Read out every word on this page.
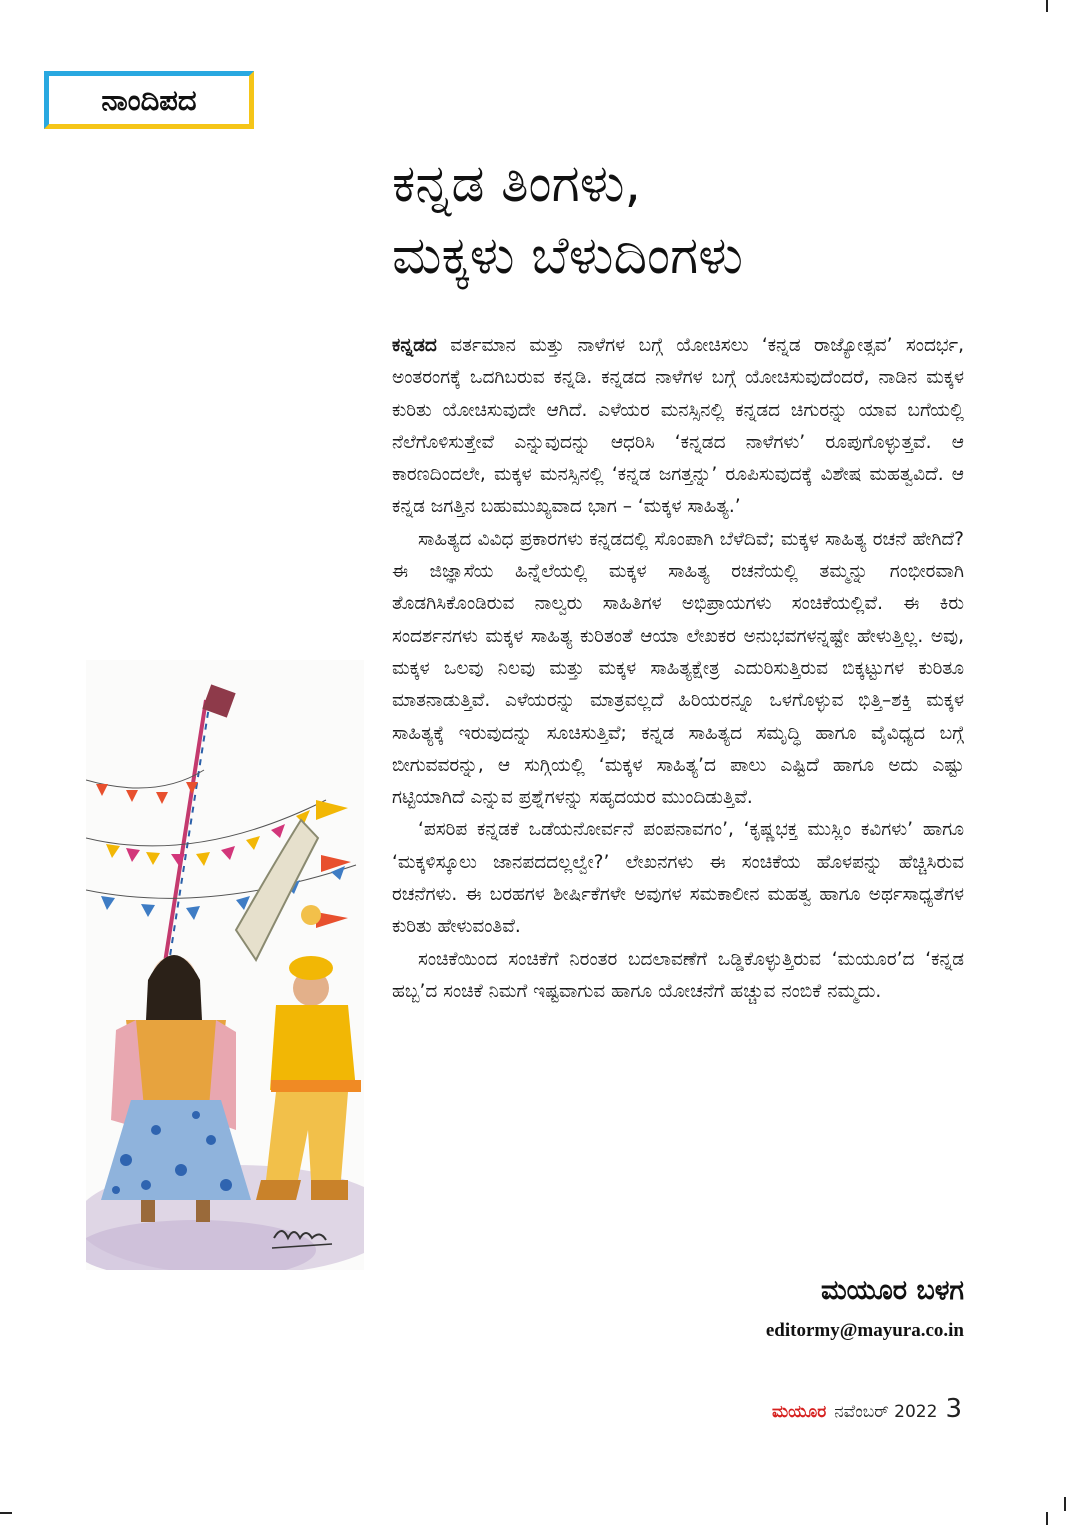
ನಾಂದಿಪದ
ಕನ್ನಡ ತಿಂಗಳು,
ಮಕ್ಕಳು ಬೆಳುದಿಂಗಳು

ಕನ್ನಡದ ವರ್ತಮಾನ ಮತ್ತು ನಾಳೆಗಳ ಬಗ್ಗೆ ಯೋಚಿಸಲು ‘ಕನ್ನಡ ರಾಜ್ಯೋತ್ಸವ’ ಸಂದರ್ಭ, ಅಂತರಂಗಕ್ಕೆ ಒದಗಿಬರುವ ಕನ್ನಡಿ. ಕನ್ನಡದ ನಾಳೆಗಳ ಬಗ್ಗೆ ಯೋಚಿಸುವುದೆಂದರೆ, ನಾಡಿನ ಮಕ್ಕಳ ಕುರಿತು ಯೋಚಿಸುವುದೇ ಆಗಿದೆ. ಎಳೆಯರ ಮನಸ್ಸಿನಲ್ಲಿ ಕನ್ನಡದ ಚಿಗುರನ್ನು ಯಾವ ಬಗೆಯಲ್ಲಿ ನೆಲೆಗೊಳಿಸುತ್ತೇವೆ ಎನ್ನುವುದನ್ನು ಆಧರಿಸಿ ‘ಕನ್ನಡದ ನಾಳೆಗಳು’ ರೂಪುಗೊಳ್ಳುತ್ತವೆ. ಆ ಕಾರಣದಿಂದಲೇ, ಮಕ್ಕಳ ಮನಸ್ಸಿನಲ್ಲಿ ‘ಕನ್ನಡ ಜಗತ್ತನ್ನು’ ರೂಪಿಸುವುದಕ್ಕೆ ವಿಶೇಷ ಮಹತ್ವವಿದೆ. ಆ ಕನ್ನಡ ಜಗತ್ತಿನ ಬಹುಮುಖ್ಯವಾದ ಭಾಗ – ‘ಮಕ್ಕಳ ಸಾಹಿತ್ಯ.’

ಸಾಹಿತ್ಯದ ವಿವಿಧ ಪ್ರಕಾರಗಳು ಕನ್ನಡದಲ್ಲಿ ಸೊಂಪಾಗಿ ಬೆಳೆದಿವೆ; ಮಕ್ಕಳ ಸಾಹಿತ್ಯ ರಚನೆ ಹೇಗಿದೆ? ಈ ಜಿಜ್ಞಾಸೆಯ ಹಿನ್ನೆಲೆಯಲ್ಲಿ ಮಕ್ಕಳ ಸಾಹಿತ್ಯ ರಚನೆಯಲ್ಲಿ ತಮ್ಮನ್ನು ಗಂಭೀರವಾಗಿ ತೊಡಗಿಸಿಕೊಂಡಿರುವ ನಾಲ್ವರು ಸಾಹಿತಿಗಳ ಅಭಿಪ್ರಾಯಗಳು ಸಂಚಿಕೆಯಲ್ಲಿವೆ. ಈ ಕಿರು ಸಂದರ್ಶನಗಳು ಮಕ್ಕಳ ಸಾಹಿತ್ಯ ಕುರಿತಂತೆ ಆಯಾ ಲೇಖಕರ ಅನುಭವಗಳನ್ನಷ್ಟೇ ಹೇಳುತ್ತಿಲ್ಲ. ಅವು, ಮಕ್ಕಳ ಒಲವು ನಿಲವು ಮತ್ತು ಮಕ್ಕಳ ಸಾಹಿತ್ಯಕ್ಷೇತ್ರ ಎದುರಿಸುತ್ತಿರುವ ಬಿಕ್ಕಟ್ಟುಗಳ ಕುರಿತೂ ಮಾತನಾಡುತ್ತಿವೆ. ಎಳೆಯರನ್ನು ಮಾತ್ರವಲ್ಲದೆ ಹಿರಿಯರನ್ನೂ ಒಳಗೊಳ್ಳುವ ಭಿತ್ತಿ–ಶಕ್ತಿ ಮಕ್ಕಳ ಸಾಹಿತ್ಯಕ್ಕೆ ಇರುವುದನ್ನು ಸೂಚಿಸುತ್ತಿವೆ; ಕನ್ನಡ ಸಾಹಿತ್ಯದ ಸಮೃದ್ಧಿ ಹಾಗೂ ವೈವಿಧ್ಯದ ಬಗ್ಗೆ ಬೀಗುವವರನ್ನು, ಆ ಸುಗ್ಗಿಯಲ್ಲಿ ‘ಮಕ್ಕಳ ಸಾಹಿತ್ಯ’ದ ಪಾಲು ಎಷ್ಟಿದೆ ಹಾಗೂ ಅದು ಎಷ್ಟು ಗಟ್ಟಿಯಾಗಿದೆ ಎನ್ನುವ ಪ್ರಶ್ನೆಗಳನ್ನು ಸಹೃದಯರ ಮುಂದಿಡುತ್ತಿವೆ.

‘ಪಸರಿಪ ಕನ್ನಡಕೆ ಒಡೆಯನೋರ್ವನೆ ಪಂಪನಾವಗಂ’, ‘ಕೃಷ್ಣಭಕ್ತ ಮುಸ್ಲಿಂ ಕವಿಗಳು’ ಹಾಗೂ ‘ಮಕ್ಕಳಿಸ್ಕೂಲು ಜಾನಪದದಲ್ಲಲ್ವೇ?’ ಲೇಖನಗಳು ಈ ಸಂಚಿಕೆಯ ಹೊಳಪನ್ನು ಹೆಚ್ಚಿಸಿರುವ ರಚನೆಗಳು. ಈ ಬರಹಗಳ ಶೀರ್ಷಿಕೆಗಳೇ ಅವುಗಳ ಸಮಕಾಲೀನ ಮಹತ್ವ ಹಾಗೂ ಅರ್ಥಸಾಧ್ಯತೆಗಳ ಕುರಿತು ಹೇಳುವಂತಿವೆ.

ಸಂಚಿಕೆಯಿಂದ ಸಂಚಿಕೆಗೆ ನಿರಂತರ ಬದಲಾವಣೆಗೆ ಒಡ್ಡಿಕೊಳ್ಳುತ್ತಿರುವ ‘ಮಯೂರ’ದ ‘ಕನ್ನಡ ಹಬ್ಬ’ದ ಸಂಚಿಕೆ ನಿಮಗೆ ಇಷ್ಟವಾಗುವ ಹಾಗೂ ಯೋಚನೆಗೆ ಹಚ್ಚುವ ನಂಬಿಕೆ ನಮ್ಮದು.

ಮಯೂರ ಬಳಗ
editormy@mayura.co.in
ಮಯೂರ ನವೆಂಬರ್ 2022 3
